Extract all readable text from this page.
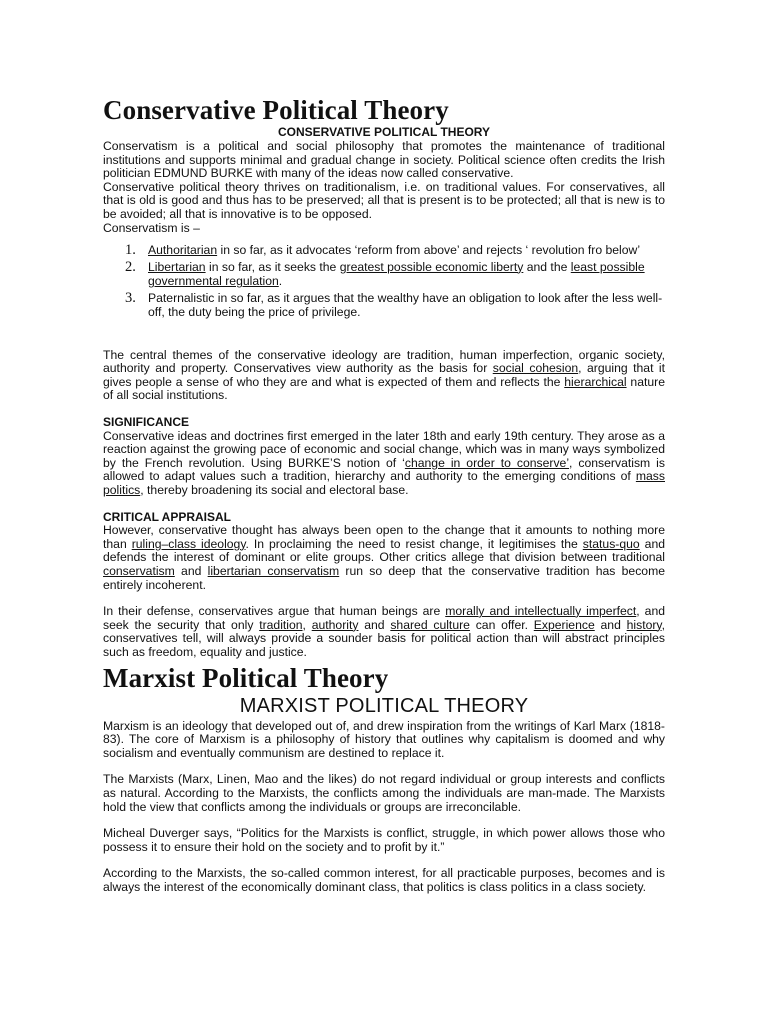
Conservative Political Theory
CONSERVATIVE POLITICAL THEORY

Conservatism is a political and social philosophy that promotes the maintenance of traditional institutions and supports minimal and gradual change in society. Political science often credits the Irish politician EDMUND BURKE with many of the ideas now called conservative.

Conservative political theory thrives on traditionalism, i.e. on traditional values. For conservatives, all that is old is good and thus has to be preserved; all that is present is to be protected; all that is new is to be avoided; all that is innovative is to be opposed.

Conservatism is –

1. Authoritarian in so far, as it advocates ‘reform from above’ and rejects ‘ revolution fro below’
2. Libertarian in so far, as it seeks the greatest possible economic liberty and the least possible governmental regulation.
3. Paternalistic in so far, as it argues that the wealthy have an obligation to look after the less well-off, the duty being the price of privilege.

The central themes of the conservative ideology are tradition, human imperfection, organic society, authority and property. Conservatives view authority as the basis for social cohesion, arguing that it gives people a sense of who they are and what is expected of them and reflects the hierarchical nature of all social institutions.

SIGNIFICANCE

Conservative ideas and doctrines first emerged in the later 18th and early 19th century. They arose as a reaction against the growing pace of economic and social change, which was in many ways symbolized by the French revolution. Using BURKE’S notion of ‘change in order to conserve’, conservatism is allowed to adapt values such a tradition, hierarchy and authority to the emerging conditions of mass politics, thereby broadening its social and electoral base.

CRITICAL APPRAISAL

However, conservative thought has always been open to the change that it amounts to nothing more than ruling–class ideology. In proclaiming the need to resist change, it legitimises the status-quo and defends the interest of dominant or elite groups. Other critics allege that division between traditional conservatism and libertarian conservatism run so deep that the conservative tradition has become entirely incoherent.

In their defense, conservatives argue that human beings are morally and intellectually imperfect, and seek the security that only tradition, authority and shared culture can offer. Experience and history, conservatives tell, will always provide a sounder basis for political action than will abstract principles such as freedom, equality and justice.

Marxist Political Theory
MARXIST POLITICAL THEORY

Marxism is an ideology that developed out of, and drew inspiration from the writings of Karl Marx (1818-83). The core of Marxism is a philosophy of history that outlines why capitalism is doomed and why socialism and eventually communism are destined to replace it.

The Marxists (Marx, Linen, Mao and the likes) do not regard individual or group interests and conflicts as natural. According to the Marxists, the conflicts among the individuals are man-made. The Marxists hold the view that conflicts among the individuals or groups are irreconcilable.

Micheal Duverger says, “Politics for the Marxists is conflict, struggle, in which power allows those who possess it to ensure their hold on the society and to profit by it.”

According to the Marxists, the so-called common interest, for all practicable purposes, becomes and is always the interest of the economically dominant class, that politics is class politics in a class society.
